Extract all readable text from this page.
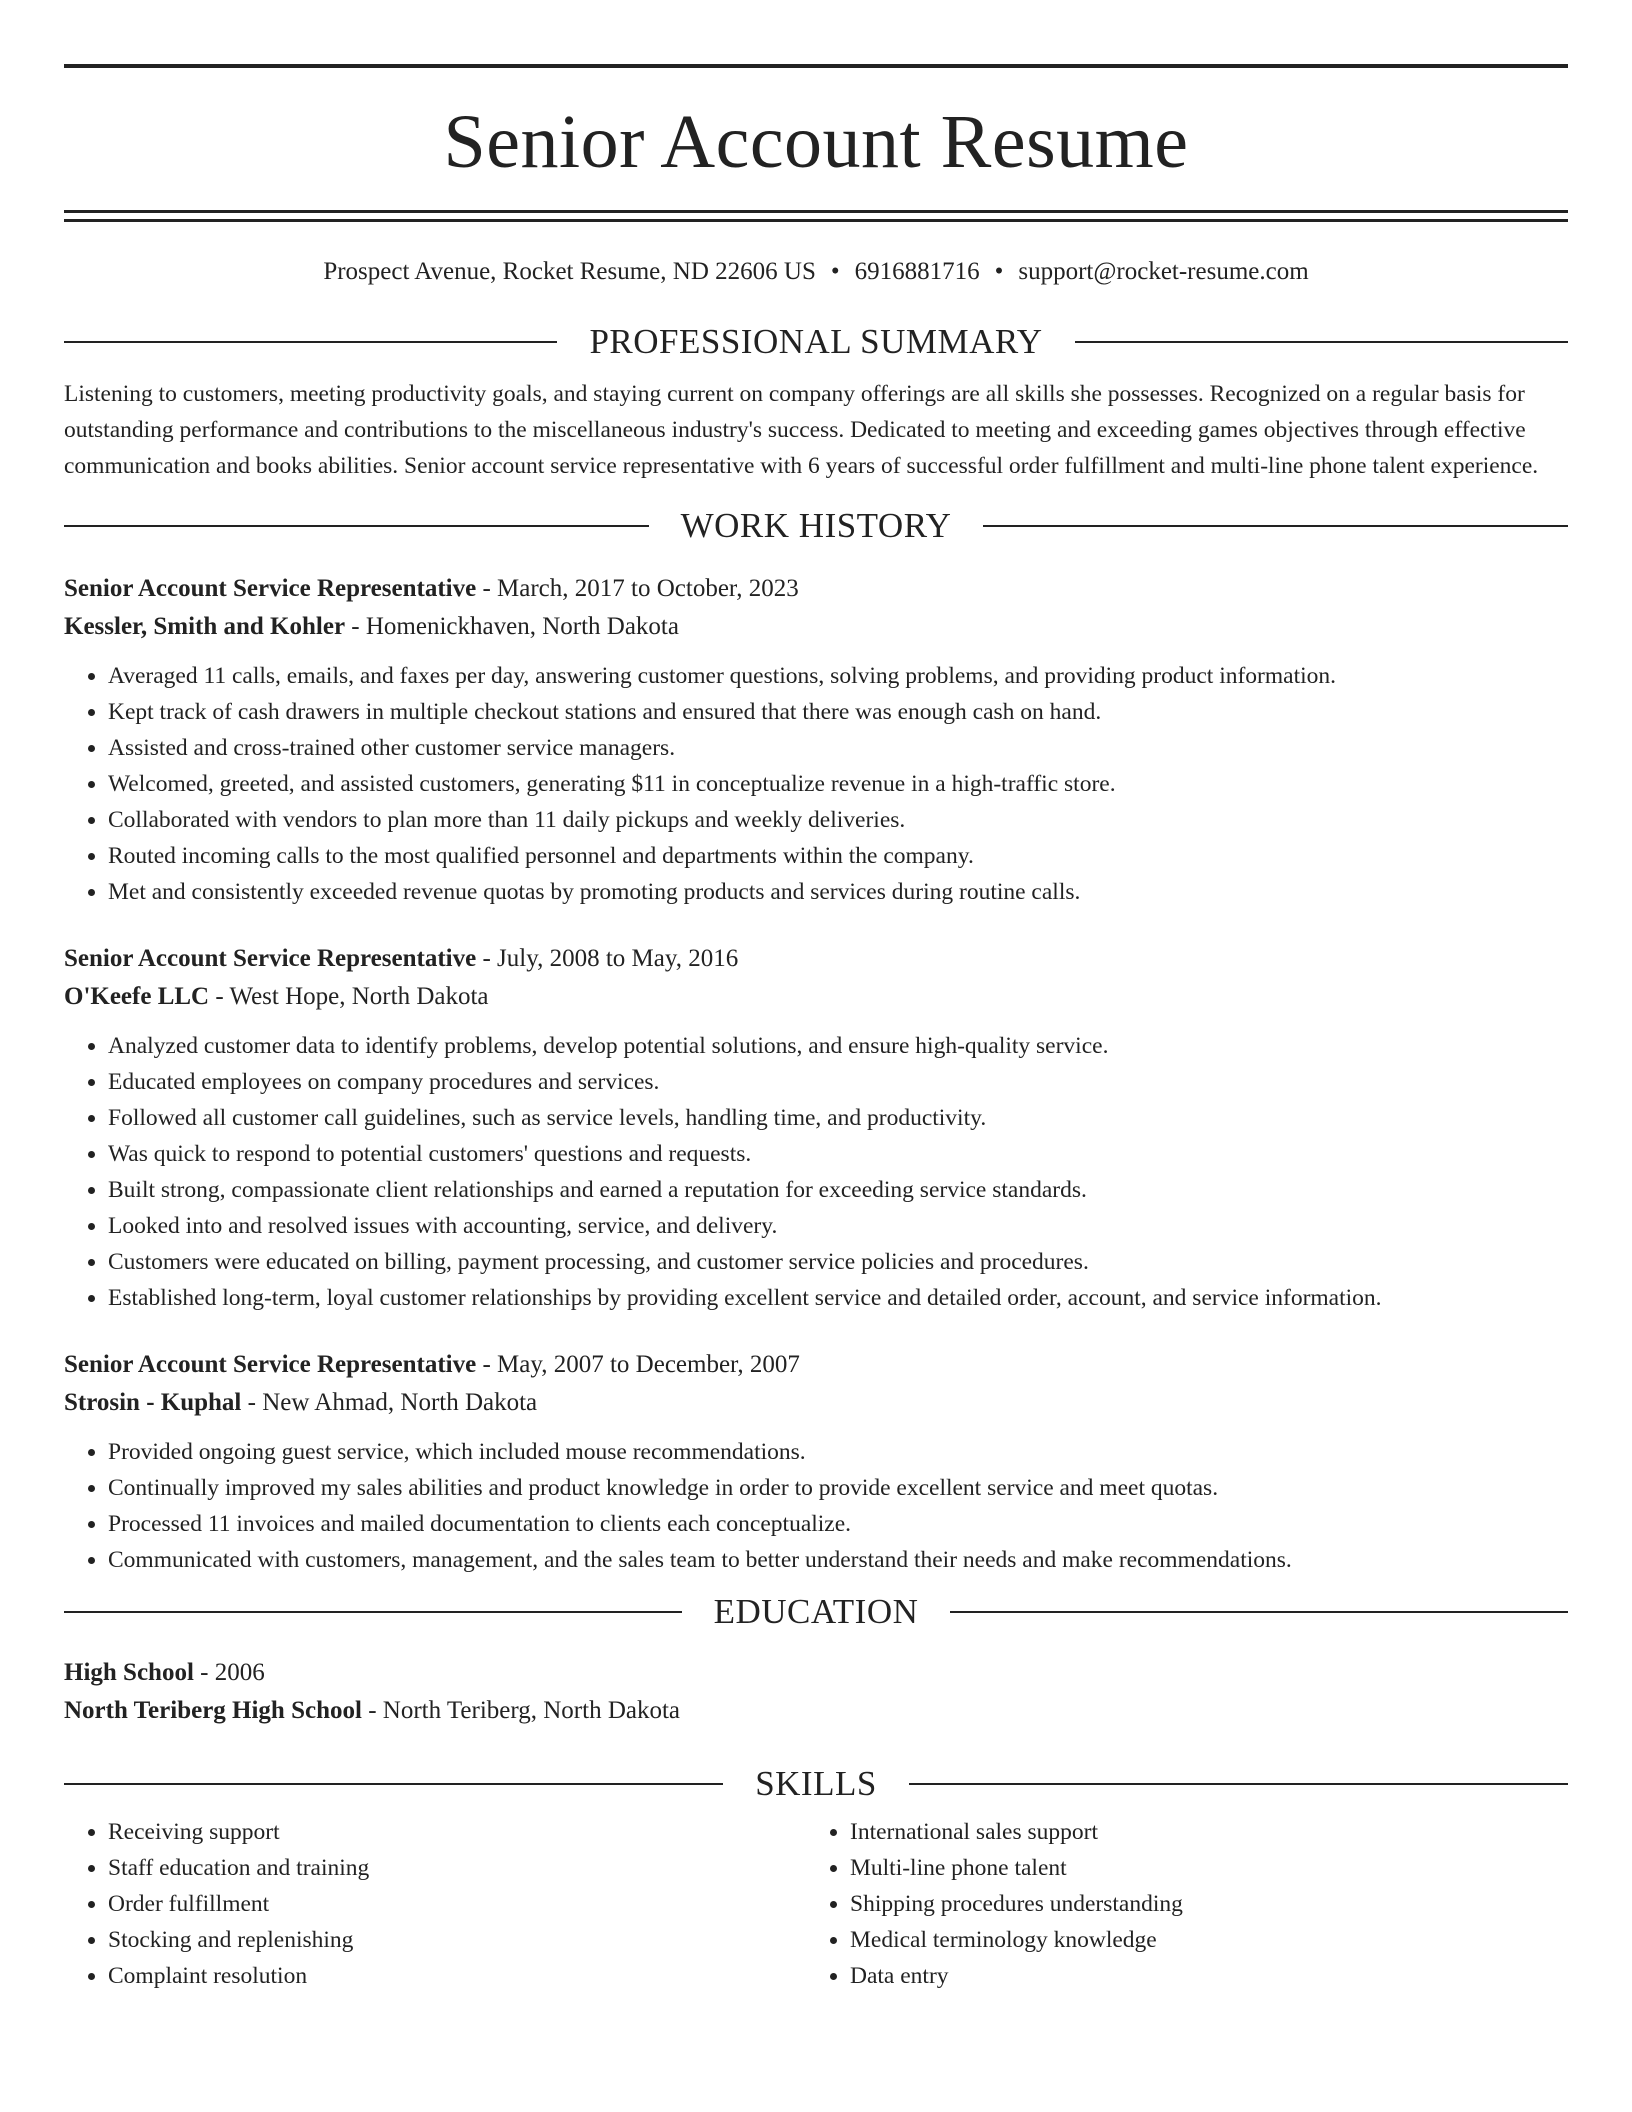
Senior Account Resume
Prospect Avenue, Rocket Resume, ND 22606 US • 6916881716 • support@rocket-resume.com
PROFESSIONAL SUMMARY

Listening to customers, meeting productivity goals, and staying current on company offerings are all skills she possesses. Recognized on a regular basis for outstanding performance and contributions to the miscellaneous industry's success. Dedicated to meeting and exceeding games objectives through effective communication and books abilities. Senior account service representative with 6 years of successful order fulfillment and multi-line phone talent experience.

WORK HISTORY
Senior Account Service Representative - March, 2017 to October, 2023
Kessler, Smith and Kohler - Homenickhaven, North Dakota
• Averaged 11 calls, emails, and faxes per day, answering customer questions, solving problems, and providing product information.
• Kept track of cash drawers in multiple checkout stations and ensured that there was enough cash on hand.
• Assisted and cross-trained other customer service managers.
• Welcomed, greeted, and assisted customers, generating $11 in conceptualize revenue in a high-traffic store.
• Collaborated with vendors to plan more than 11 daily pickups and weekly deliveries.
• Routed incoming calls to the most qualified personnel and departments within the company.
• Met and consistently exceeded revenue quotas by promoting products and services during routine calls.
Senior Account Service Representative - July, 2008 to May, 2016
O'Keefe LLC - West Hope, North Dakota
• Analyzed customer data to identify problems, develop potential solutions, and ensure high-quality service.
• Educated employees on company procedures and services.
• Followed all customer call guidelines, such as service levels, handling time, and productivity.
• Was quick to respond to potential customers' questions and requests.
• Built strong, compassionate client relationships and earned a reputation for exceeding service standards.
• Looked into and resolved issues with accounting, service, and delivery.
• Customers were educated on billing, payment processing, and customer service policies and procedures.
• Established long-term, loyal customer relationships by providing excellent service and detailed order, account, and service information.
Senior Account Service Representative - May, 2007 to December, 2007
Strosin - Kuphal - New Ahmad, North Dakota
• Provided ongoing guest service, which included mouse recommendations.
• Continually improved my sales abilities and product knowledge in order to provide excellent service and meet quotas.
• Processed 11 invoices and mailed documentation to clients each conceptualize.
• Communicated with customers, management, and the sales team to better understand their needs and make recommendations.
EDUCATION
High School - 2006
North Teriberg High School - North Teriberg, North Dakota
SKILLS
• Receiving support
• Staff education and training
• Order fulfillment
• Stocking and replenishing
• Complaint resolution
• International sales support
• Multi-line phone talent
• Shipping procedures understanding
• Medical terminology knowledge
• Data entry
